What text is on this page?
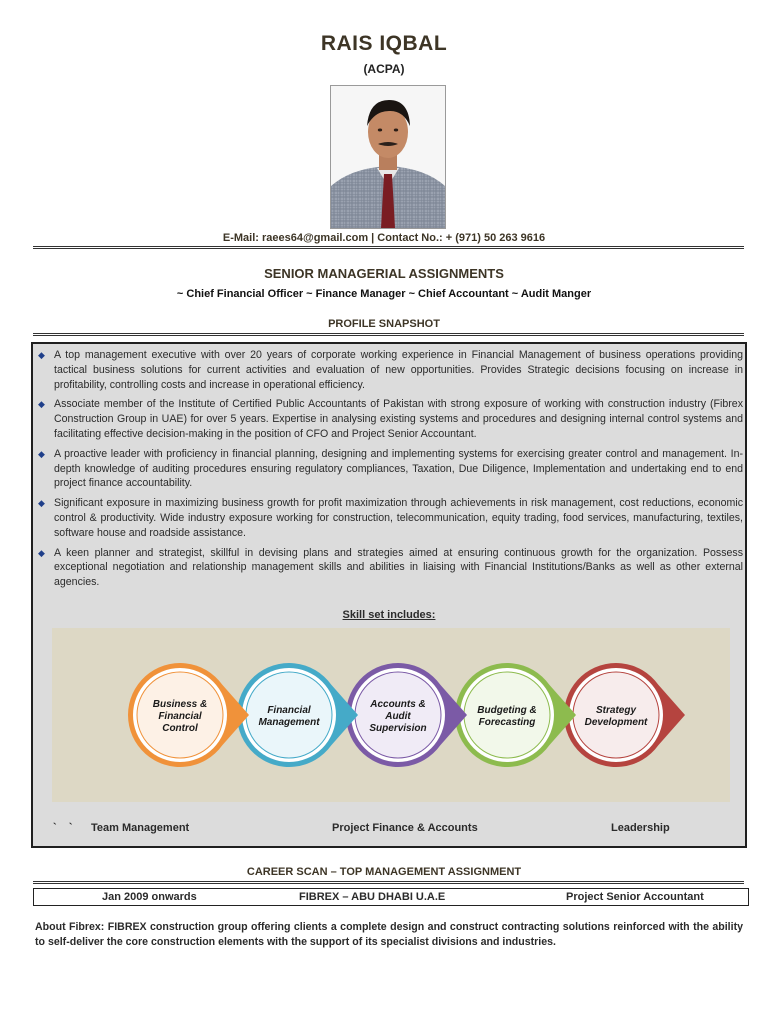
RAIS IQBAL
(ACPA)
E-Mail: raees64@gmail.com | Contact No.: + (971) 50 263 9616
SENIOR MANAGERIAL ASSIGNMENTS
~ Chief Financial Officer ~ Finance Manager ~ Chief Accountant ~ Audit Manger
PROFILE SNAPSHOT
◆ A top management executive with over 20 years of corporate working experience in Financial Management of business operations providing tactical business solutions for current activities and evaluation of new opportunities. Provides Strategic decisions focusing on increase in profitability, controlling costs and increase in operational efficiency.
◆ Associate member of the Institute of Certified Public Accountants of Pakistan with strong exposure of working with construction industry (Fibrex Construction Group in UAE) for over 5 years. Expertise in analysing existing systems and procedures and designing internal control systems and facilitating effective decision-making in the position of CFO and Project Senior Accountant.
◆ A proactive leader with proficiency in financial planning, designing and implementing systems for exercising greater control and management. In-depth knowledge of auditing procedures ensuring regulatory compliances, Taxation, Due Diligence, Implementation and undertaking end to end project finance accountability.
◆ Significant exposure in maximizing business growth for profit maximization through achievements in risk management, cost reductions, economic control & productivity. Wide industry exposure working for construction, telecommunication, equity trading, food services, manufacturing, textiles, software house and roadside assistance.
◆ A keen planner and strategist, skillful in devising plans and strategies aimed at ensuring continuous growth for the organization. Possess exceptional negotiation and relationship management skills and abilities in liaising with Financial Institutions/Banks as well as other external agencies.
Skill set includes:
Strategy
Development
Budgeting &
Forecasting
Accounts &
Audit
Supervision
Financial
Management
Business &
Financial
Control
`    ` Team Management	Project Finance & Accounts	Leadership
CAREER SCAN – TOP MANAGEMENT ASSIGNMENT
Jan 2009 onwards	FIBREX – ABU DHABI U.A.E	Project Senior Accountant
About Fibrex: FIBREX construction group offering clients a complete design and construct contracting solutions reinforced with the ability to self-deliver the core construction elements with the support of its specialist divisions and industries.
